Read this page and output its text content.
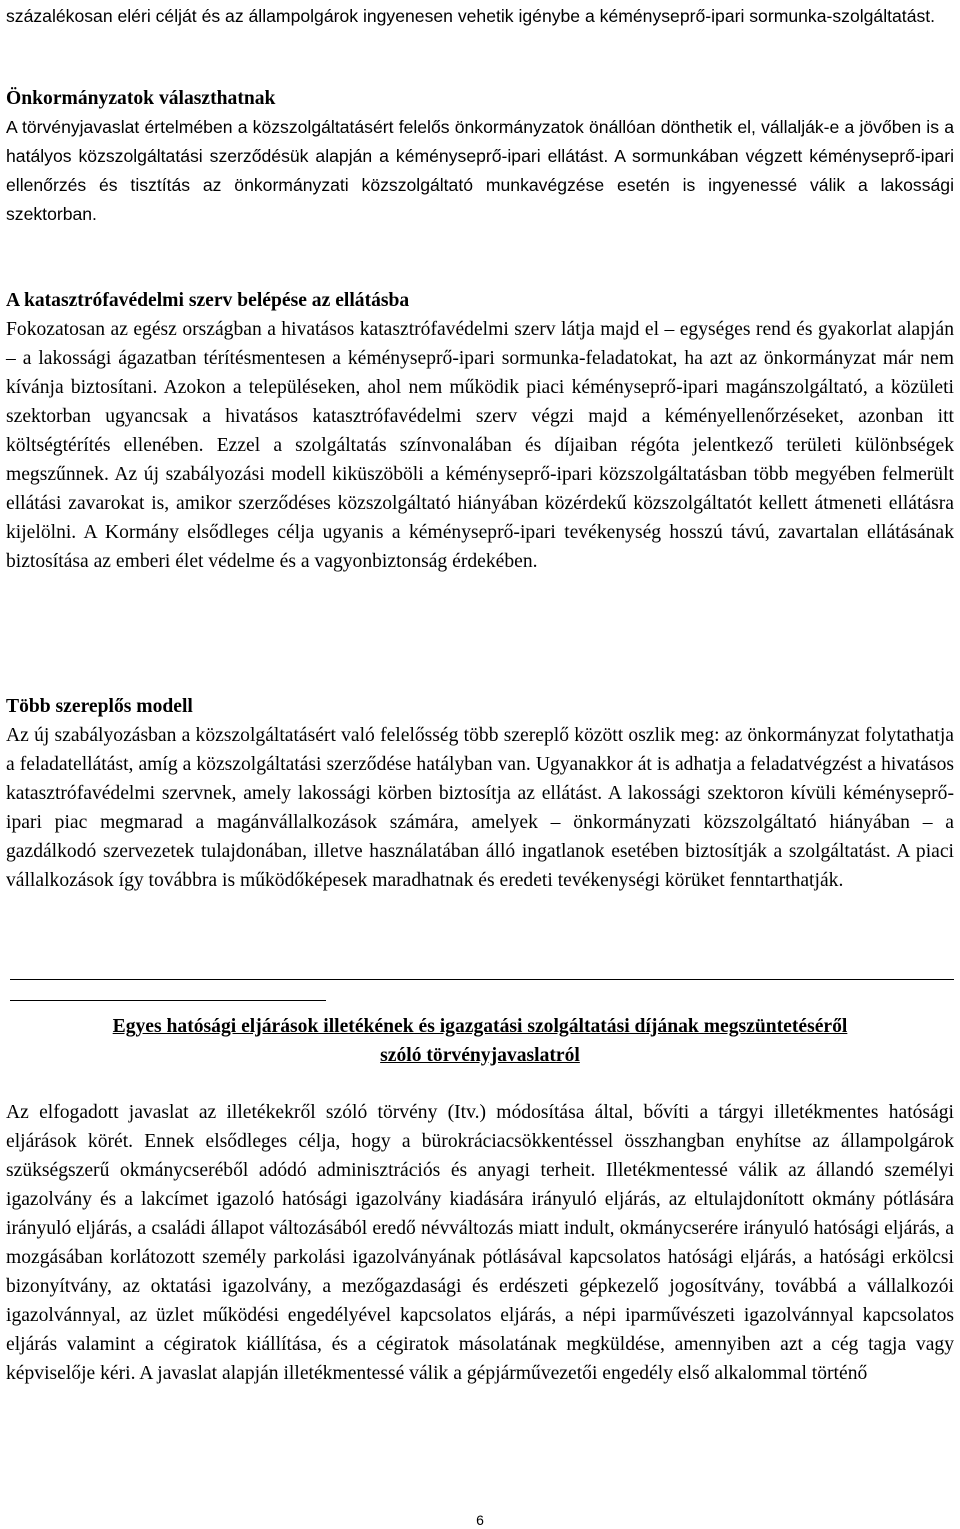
százalékosan eléri célját és az állampolgárok ingyenesen vehetik igénybe a kéményseprő-ipari sormunka-szolgáltatást.

Önkormányzatok választhatnak

A törvényjavaslat értelmében a közszolgáltatásért felelős önkormányzatok önállóan dönthetik el, vállalják-e a jövőben is a hatályos közszolgáltatási szerződésük alapján a kéményseprő-ipari ellátást. A sormunkában végzett kéményseprő-ipari ellenőrzés és tisztítás az önkormányzati közszolgáltató munkavégzése esetén is ingyenessé válik a lakossági szektorban.

A katasztrófavédelmi szerv belépése az ellátásba

Fokozatosan az egész országban a hivatásos katasztrófavédelmi szerv látja majd el – egységes rend és gyakorlat alapján – a lakossági ágazatban térítésmentesen a kéményseprő-ipari sormunka-feladatokat, ha azt az önkormányzat már nem kívánja biztosítani. Azokon a településeken, ahol nem működik piaci kéményseprő-ipari magánszolgáltató, a közületi szektorban ugyancsak a hivatásos katasztrófavédelmi szerv végzi majd a kéményellenőrzéseket, azonban itt költségtérítés ellenében. Ezzel a szolgáltatás színvonalában és díjaiban régóta jelentkező területi különbségek megszűnnek. Az új szabályozási modell kiküszöböli a kéményseprő-ipari közszolgáltatásban több megyében felmerült ellátási zavarokat is, amikor szerződéses közszolgáltató hiányában közérdekű közszolgáltatót kellett átmeneti ellátásra kijelölni. A Kormány elsődleges célja ugyanis a kéményseprő-ipari tevékenység hosszú távú, zavartalan ellátásának biztosítása az emberi élet védelme és a vagyonbiztonság érdekében.

Több szereplős modell

Az új szabályozásban a közszolgáltatásért való felelősség több szereplő között oszlik meg: az önkormányzat folytathatja a feladatellátást, amíg a közszolgáltatási szerződése hatályban van. Ugyanakkor át is adhatja a feladatvégzést a hivatásos katasztrófavédelmi szervnek, amely lakossági körben biztosítja az ellátást. A lakossági szektoron kívüli kéményseprő-ipari piac megmarad a magánvállalkozások számára, amelyek – önkormányzati közszolgáltató hiányában – a gazdálkodó szervezetek tulajdonában, illetve használatában álló ingatlanok esetében biztosítják a szolgáltatást. A piaci vállalkozások így továbbra is működőképesek maradhatnak és eredeti tevékenységi körüket fenntarthatják.

Egyes hatósági eljárások illetékének és igazgatási szolgáltatási díjának megszüntetéséről

szóló törvényjavaslatról

Az elfogadott javaslat az illetékekről szóló törvény (Itv.) módosítása által, bővíti a tárgyi illetékmentes hatósági eljárások körét. Ennek elsődleges célja, hogy a bürokráciacsökkentéssel összhangban enyhítse az állampolgárok szükségszerű okmánycseréből adódó adminisztrációs és anyagi terheit. Illetékmentessé válik az állandó személyi igazolvány és a lakcímet igazoló hatósági igazolvány kiadására irányuló eljárás, az eltulajdonított okmány pótlására irányuló eljárás, a családi állapot változásából eredő névváltozás miatt indult, okmánycserére irányuló hatósági eljárás, a mozgásában korlátozott személy parkolási igazolványának pótlásával kapcsolatos hatósági eljárás, a hatósági erkölcsi bizonyítvány, az oktatási igazolvány, a mezőgazdasági és erdészeti gépkezelő jogosítvány, továbbá a vállalkozói igazolvánnyal, az üzlet működési engedélyével kapcsolatos eljárás, a népi iparművészeti igazolvánnyal kapcsolatos eljárás valamint a cégiratok kiállítása, és a cégiratok másolatának megküldése, amennyiben azt a cég tagja vagy képviselője kéri. A javaslat alapján illetékmentessé válik a gépjárművezetői engedély első alkalommal történő

6
